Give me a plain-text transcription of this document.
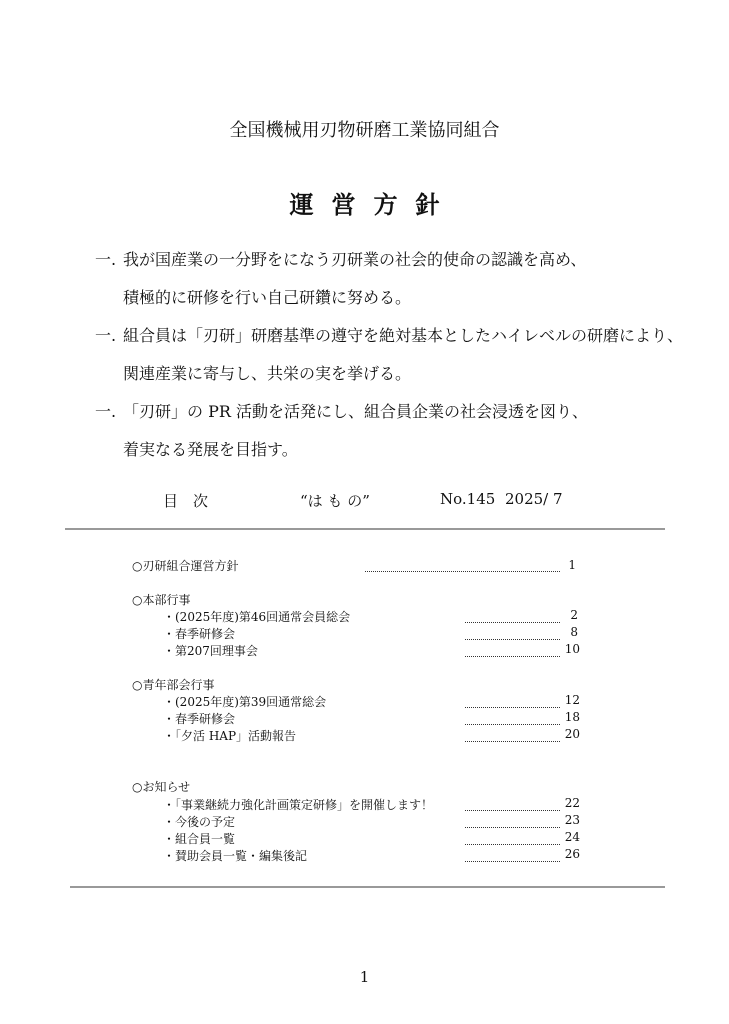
全国機械用刃物研磨工業協同組合
運営方針
一. 我が国産業の一分野をになう刃研業の社会的使命の認識を高め、
積極的に研修を行い自己研鑽に努める。
一. 組合員は「刃研」研磨基準の遵守を絶対基本としたハイレベルの研磨により、
関連産業に寄与し、共栄の実を挙げる。
一. 「刃研」の PR 活動を活発にし、組合員企業の社会浸透を図り、
着実なる発展を目指す。
目　次	“は も の”	No.145 2025/ 7
○刃研組合運営方針	1
○本部行事
・(2025年度)第46回通常会員総会	2
・春季研修会	8
・第207回理事会	10
○青年部会行事
・(2025年度)第39回通常総会	12
・春季研修会	18
・「夕活 HAP」活動報告	20
○お知らせ
・「事業継続力強化計画策定研修」を開催します！	22
・今後の予定	23
・組合員一覧	24
・賛助会員一覧・編集後記	26
1
